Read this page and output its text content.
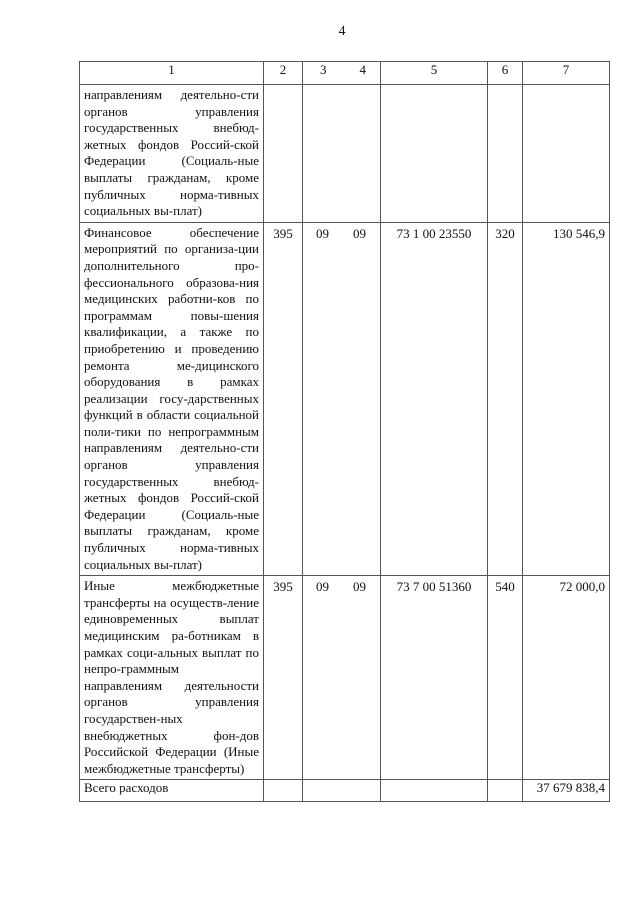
4
1	2	3 4	5	6	7
направлениям деятельно-сти органов управления государственных внебюд-жетных фондов Россий-ской Федерации (Социаль-ные выплаты гражданам, кроме публичных норма-тивных социальных вы-плат)		

Финансовое обеспечение мероприятий по организа-ции дополнительного про-фессионального образова-ния медицинских работни-ков по программам повы-шения квалификации, а также по приобретению и проведению ремонта ме-дицинского оборудования в рамках реализации госу-дарственных функций в области социальной поли-тики по непрограммным направлениям деятельно-сти органов управления государственных внебюд-жетных фондов Россий-ской Федерации (Социаль-ные выплаты гражданам, кроме публичных норма-тивных социальных вы-плат)	395	09 09	73 1 00 23550	320	130 546,9
Иные межбюджетные трансферты на осуществ-ление единовременных выплат медицинским ра-ботникам в рамках соци-альных выплат по непро-граммным направлениям деятельности органов управления государствен-ных внебюджетных фон-дов Российской Федерации (Иные межбюджетные трансферты)	395	09 09	73 7 00 51360	540	72 000,0
Всего расходов					37 679 838,4
